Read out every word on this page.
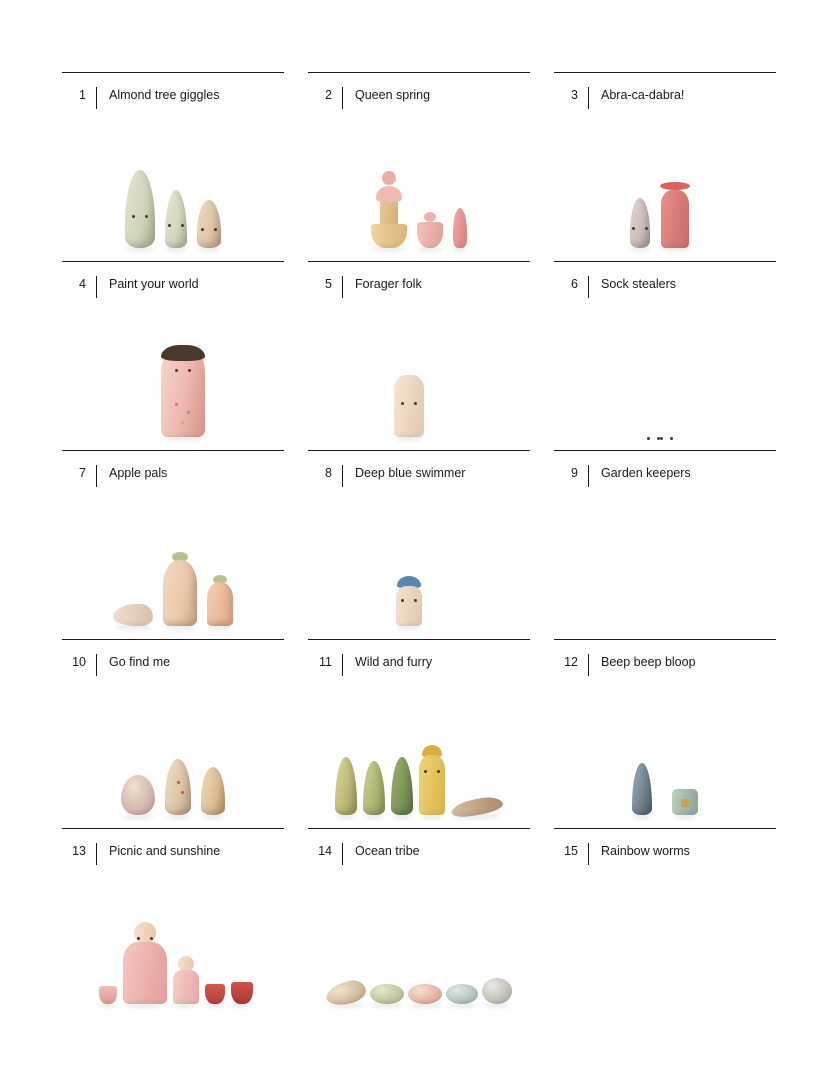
1	Almond tree giggles	2	Queen spring	3	Abra-ca-dabra!
4	Paint your world	5	Forager folk	6	Sock stealers
7	Apple pals	8	Deep blue swimmer	9	Garden keepers
10	Go find me	11	Wild and furry	12	Beep beep bloop
13	Picnic and sunshine	14	Ocean tribe	15	Rainbow worms
